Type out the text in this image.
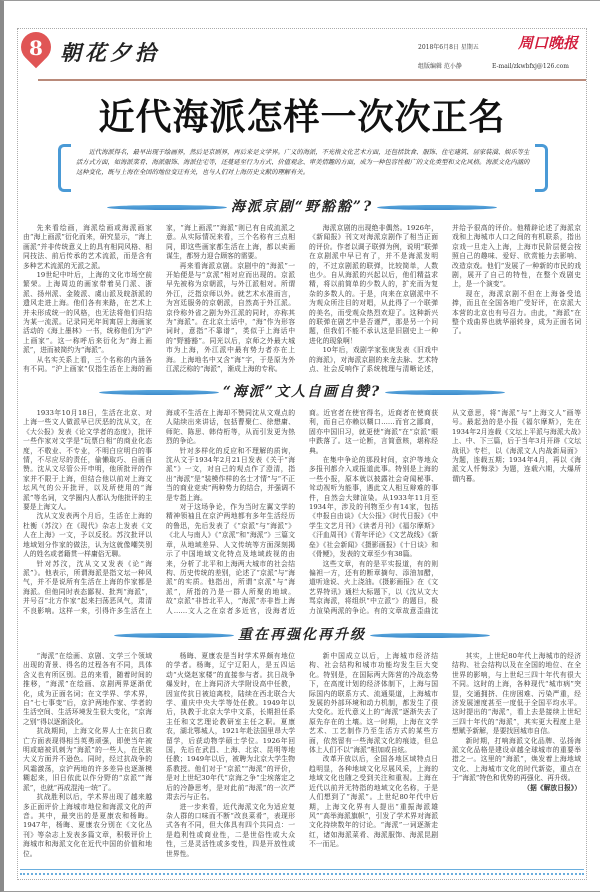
8 朝花夕拾	2018年6月8日 星期五
组版编辑 范小静	E-mail/zkwbfxj@126.com
周口晚报
近代海派怎样一次次正名
近代海派得名，最早出现于绘画界，然后是京剧界，再后来是文学界。广义的海派，不光指文化艺术方面，还包括饮食、服饰、住宅建筑、居家装潢、娱乐等生活方式方面，如海派菜肴、海派服饰、海派住宅等，还蔓延至行为方式、价值观念、审美情趣的方面，成为一种包容性极广的文化类型和文化风格。海派文化内涵的这种变化，既与上海在全国的地位变迁有关，也与人们对上海历史文献的理解有关。
海派京剧“野豁豁”?

先来看绘画，海派绘画或海派画家由“海上画派”衍化而来，研究显示，“海上画派”并非传统意义上的具有相同风格、相同技法、前后传承的艺术流派，而是含有多种艺术流派的无派之派。

19世纪中叶后，上海的文化市场空前繁荣。上海周边的画家带着吴门派、浙派、扬州派、金陵派、虞山派及皖浙派的遗风走进上海。他们各有来路，在艺术上并未形成统一的风格，也无法将他们归结为某一流派。记录同光年间寓居上海画家活动的《海上墨林》一书，统称他们为“沪上画家”。这一称呼后来衍化为“海上画派”，进而被简约为“海派”。

从名实关系上看，三个名称的内涵各有不同。“沪上画家”仅指生活在上海的画家，“海上画派”“海派”则已有自成流派之意。从实际情况来看，三个名称有三点相同，即这些画家都生活在上海，都以卖画谋生，都努力迎合顾客的需要。

再来看海派京剧。京剧中的“海派”一开始便是与“京派”相对应而出现的。京派早先被称为京朝派，与外江派相对。所谓外江，泛指京师以外。就艺术水准而言，为宫廷服务的京朝派，自然高于外江派。京伶称外省之剧为外江派的同时，亦称其为“海派”。在北京土话中，“海”作为形容词时，意指“不靠谱”，类似于上海话中的“野豁豁”。同光以后，京师之外最大城市为上海，外江派中最有势力者亦在上海。上海地名中又含“海”字，于是原为外江派泛称的“海派”，渐成上海的专称。

海派京剧的出现绝非偶然。1926年，《新闻报》刊文对海派京剧作了相当正面的评价。作者以调子联弹为例，说明“联弹在京剧派中早已有了，并不是海派发明的，不过京剧派的联弹，比较简单，人数也少。自从海派的兴起以后，他们精益求精，将以前简单的少数人的，扩充而为复杂的多数人的。于是，向来在京剧派中不为观众所注目的对唱，从此得了一个联弹的美名，而受观众热烈欢迎了。这种新兴的联弹在剧艺中是否谨严，那是另一个问题，但我们不能不承认这是旧剧史上一种进化的现象啊！

10年后，戏剧学家张庚发表《旧戏中的海派》，对海派京剧的来龙去脉、艺术特点、社会反响作了系统梳理与清晰论述，并给予很高的评价。他精辟论述了海派京戏和上海城市人口之间的有机联系，指出京戏一旦走入上海，上海市民阶层便会按照自己的趣味、爱好、欣赏能力去影响、改造京戏。他们“发展了一种新的市民的戏剧，展开了自己的特性，在整个戏剧史上，是一个演变”。

现在，海派京剧不但在上海备受追捧，而且在全国各地广受好评，在京派大本营的北京也有号召力。由此，“海派”在整个戏曲界也就华丽转身，成为正面名词了。

“海派”文人自画自赞?

1933年10月18日，生活在北京、对上海一些文人做派早已厌恶的沈从文，在《大公报》发表《论文学者的态度》，批评一些作家对文学是“玩票白相”的商业化态度，不敬业、不专业，不明白应明白的事情，不尽应尽的责任，偷懒取巧、自画自赞。沈从文尽管公开申明，他所批评的作家并不限于上海，但结合他以前对上海文坛风气的公开批评，以及所使用的“海派”等名词，文学圈内人都认为他批评的主要是上海文人。

沈从文发表两个月后，生活在上海的杜衡（苏汶）在《现代》杂志上发表《文人在上海》一文，予以反驳。苏汶批评以地域划分作家的做法，认为这就像嘲笑别人的姓名或者籍贯一样庸俗无聊。

针对苏汶，沈从文又发表《论“海派”》。他表示，所谓海派是指文坛一种风气，并不是说所有生活在上海的作家都是海派。但他同时表态鄙视、批判“海派”，并号召“北方作家”起来扫荡恶风气，肃清不良影响。这样一来，引得许多生活在上海或不生活在上海却不赞同沈从文观点的人陆续出来讲话，包括曹聚仁、徐懋庸、师陀、陈思、韩侍桁等，从而引发更为热烈的争论。

针对多样化的反应和不理解的质询，沈从文于1934年2月21日发表《关于“海派”》一文，对自己的观点作了澄清，指出“海派”是“装模作样的名士才情”与“不正当的商业竞卖”两种势力的结合，并强调不是专指上海。

对于这场争论，作为当时左翼文学的精神领袖且在京沪两地都有多年生活经历的鲁迅，先后发表了《“京派”与“海派”》《北人与南人》《“京派”和“海派”》三篇文章，从地域差异、人文传统等方面深刻揭示了中国地域文化特点及地域歧视的由来，分析了北平和上海两大城市的社会结构、历史传统的差别，论述了“京派”与“海派”的实质。他指出，所谓“京派”与“海派”，所指的乃是一群人所聚的地域。故“京派”非皆北平人，“海派”亦非皆上海人……文人之在京者多近官，没海者近商。近官者在使官得名，近商者在使商获利，而自己亦赖以糊口……而官之鄙商，固亦中国旧习，就更使“海派”在“京派”眼中跌落了。这一论断，言简意赅，堪称经典。

在集中争论的那段时间，京沪等地众多报刊都介入或报道此事。特别是上海的一些小报，原本就以披露社会奇闻秘事、耸动视听为能事，遇此文人相互辩难的事件，自然会大肆渲染。从1933年11月至1934年，涉及的刊物至少有14家，包括《申报自由谈》《大公报》《时代日报》《中学生文艺月刊》《读者月刊》《福尔摩斯》《汗血周刊》《青年评论》《文艺战线》《新垒》《社会新闻》《摄影画报》《十日谈》和《骨鲠》，发表的文章至少有38篇。

这些文章，有的是平实报道，有的则偏袒一方，还有的断章摘句、添油加醋，道听途说、火上浇油。《摄影画报》在《文艺界特讯》通栏大标题下，以《沈从文大骂京海派，将组织“中立派”》的题目，极力渲染两派的争论。有的文章故意歪曲沈从文意思，将“海派”与“上海文人”画等号。最起劲的是小报《福尔摩斯》，先在1934年2月连载《文坛上平派与海派大战》上、中、下三篇，后于当年3月开辟《文坛战讯》专栏，以《海派文人内战新局面》为题，连载五期；1934年4月，再以《海派文人忏悔录》为题，连载六期，大爆所谓内幕。

重在再强化再升级

“海派”在绘画、京剧、文学三个领域出现的背景、得名的过程各有不同，具体含义也有所区别。总的来看，随着时间的推移，“海派”在绘画、京剧两界逐渐优化，成为正面名词；在文学界、学术界，自“七七事变”后，京沪两地作家、学者的生活空间、生活环境发生很大变化，“京海之别”得以逐渐淡化。

抗战期间，上海文化界人士在抗日救亡方面表现得相当英勇顽强，即使当年被明或暗被讥刺为“海派”的一些人，在民族大义方面并不逊色。同时，经过抗战争的风霜激荡，京沪两地的许多差异也逐渐模糊起来，旧日依此以作分野的“京派”“海派”，也就“再成混沌一统”了。

抗战胜利以后，学术界出现了越来越多正面评价上海城市地位和海派文化的声音。其中，最突出的是夏康农和杨晦。1947年，杨晦、夏康农分别在《文化丛刊》等杂志上发表多篇文章，积极评价上海城市和海派文化在近代中国的价值和地位。

杨晦、夏康农是当时学术界颇有地位的学者。杨晦，辽宁辽阳人，是五四运动“火烧赵家楼”的直接参与者。抗日战争爆发时，在上海同济大学附设高中任教，因宣传抗日被迫离校，陆续在西北联合大学、重庆中央大学等处任教。1949年以后，执教于北京大学中文系，长期担任系主任和文艺理论教研室主任之职。夏康农，湖北鄂城人，1921年赴法国里昂大学留学，后获动物学硕士学位。1926年回国，先后在武昌、上海、北京、昆明等地任教；1949年以后，被聘为北京大学生物系教授。他们对于“京派”“海派”的评价，是对上世纪30年代“京海之争”尘埃落定之后的冷静思考，是对此前“海派”的一次严肃去污与正名。

进一步来看，近代海派文化为适应复杂人群的口味而不断“改良菜肴”，表现形式各有不同，但大体具有四个共同点：一是趋利性或商业性，二是世俗性或大众性，三是灵活性或多变性，四是开放性或世界性。

新中国成立以后，上海城市经济结构、社会结构和城市功能均发生巨大变化。特别是，在国际两大阵营的冷战态势下，在高度计划的经济体制下，上海与国际国内的联系方式、流通渠道，上海城市发展的外部环境和动力机制，都发生了很大变化。近代意义上的“海派”逐渐失去了原先存在的土壤。这一时期，上海在文学艺术、工艺制作乃至生活方式的某些方面，依然留有一些海派文化的痕迹，但总体上人们不以“海派”相加或自炫。

改革开放以后，全国各地区域特点日趋明显，各种地域文化尽展风采，上海的地域文化也随之受到关注和重视。上海在近代以前并无特指的地域文化名称，于是人们想到了“海派”。上世纪80年代中后期，上海文化界有人提出“重振海派雄风”“高举海派旗帜”，引发了学术界对海派文化持续数年的讨论。“海派”一词逐渐走红，诸如海派菜肴、海派服饰、海派昆剧不一而足。

其实，上世纪80年代上海城市的经济结构、社会结构以及在全国的地位、在全世界的影响，与上世纪三四十年代有很大不同。这时的上海，各种现代“城市病”突显，交通拥挤、住房困难、污染严重，经济发展速度甚至一度低于全国平均水平。这时提出的“海派”，看上去是接续上世纪三四十年代的“海派”，其实更大程度上是想赋予新解，是要找回城市自信。

新时期，打响海派文化品牌、弘扬海派文化品格是建设卓越全球城市的重要举措之一。这里的“海派”，焕发着上海地域文化、上海城市文化的时代新姿，重点在于“海派”特色和优势的再强化、再升级。

（据《解放日报》）
